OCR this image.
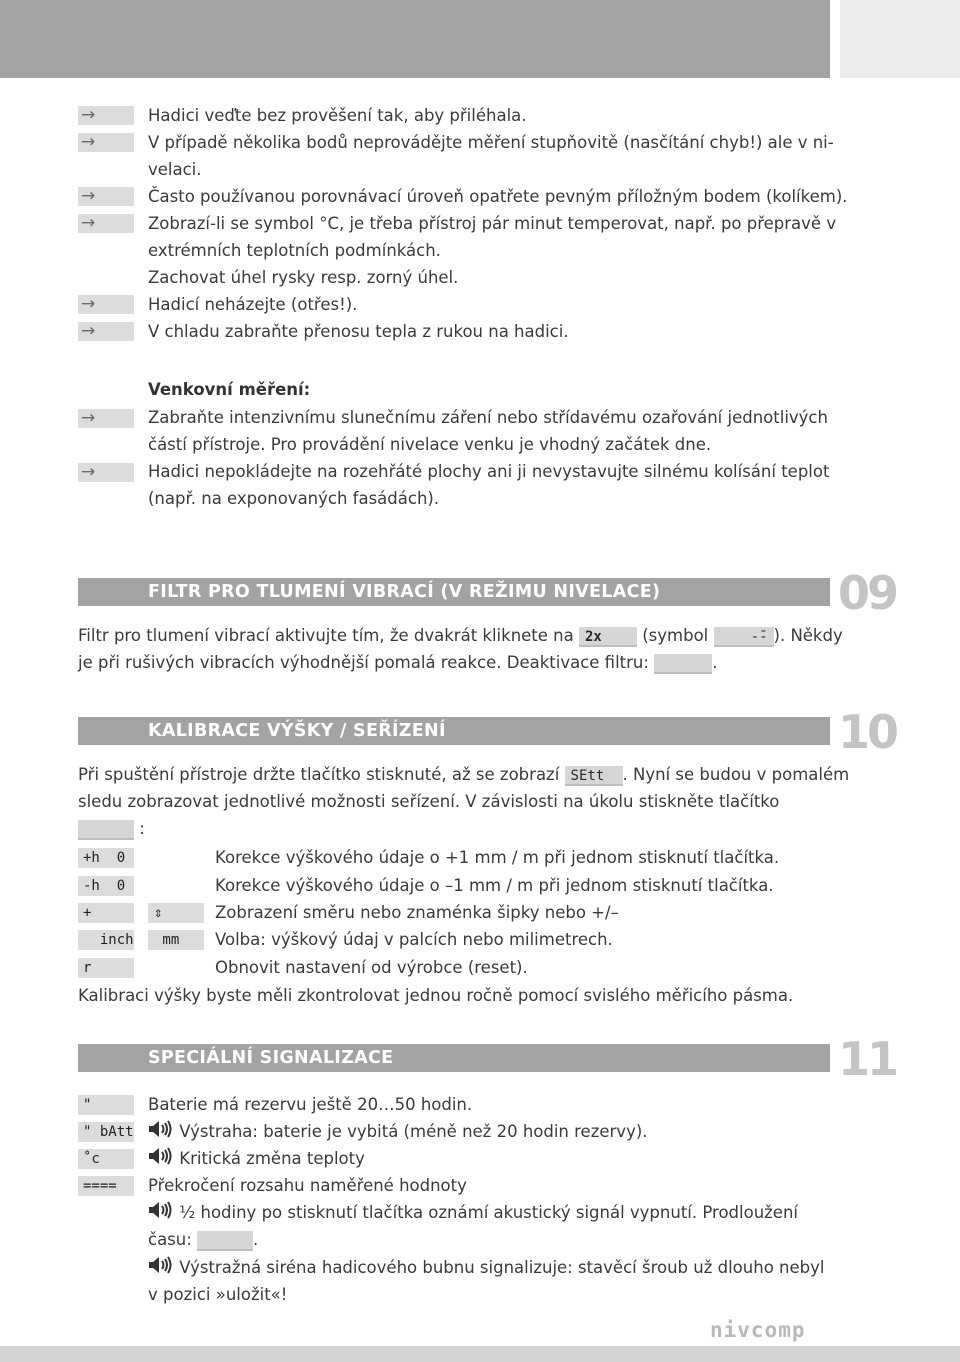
→	Hadici veďte bez prověšení tak, aby přiléhala.
→	V případě několika bodů neprovádějte měření stupňovitě (nasčítání chyb!) ale v ni-
velaci.
→	Často používanou porovnávací úroveň opatřete pevným příložným bodem (kolíkem).
→	Zobrazí-li se symbol °C, je třeba přístroj pár minut temperovat, např. po přepravě v
extrémních teplotních podmínkách.
Zachovat úhel rysky resp. zorný úhel.
→	Hadicí neházejte (otřes!).
→	V chladu zabraňte přenosu tepla z rukou na hadici.
Venkovní měření:
→	Zabraňte intenzivnímu slunečnímu záření nebo střídavému ozařování jednotlivých
částí přístroje. Pro provádění nivelace venku je vhodný začátek dne.
→	Hadici nepokládejte na rozehřáté plochy ani ji nevystavujte silnému kolísání teplot
(např. na exponovaných fasádách).
FILTR PRO TLUMENÍ VIBRACÍ (V REŽIMU NIVELACE)	09
Filtr pro tlumení vibrací aktivujte tím, že dvakrát kliknete na 2x (symbol	-̄- ). Někdy
je při rušivých vibracích výhodnější pomalá reakce. Deaktivace filtru:	.
KALIBRACE VÝŠKY / SEŘÍZENÍ	10
Při spuštění přístroje držte tlačítko stisknuté, až se zobrazí SEtt . Nyní se budou v pomalém
sledu zobrazovat jednotlivé možnosti seřízení. V závislosti na úkolu stiskněte tlačítko
:
+h  0	Korekce výškového údaje o +1 mm / m při jednom stisknutí tlačítka.
-h  0	Korekce výškového údaje o –1 mm / m při jednom stisknutí tlačítka.
+	⇕	Zobrazení směru nebo znaménka šipky nebo +/–
inch	mm	Volba: výškový údaj v palcích nebo milimetrech.
r	Obnovit nastavení od výrobce (reset).
Kalibraci výšky byste měli zkontrolovat jednou ročně pomocí svislého měřicího pásma.
SPECIÁLNÍ SIGNALIZACE	11
"	Baterie má rezervu ještě 20…50 hodin.
" bAtt	Výstraha: baterie je vybitá (méně než 20 hodin rezervy).
˚c	Kritická změna teploty
====	Překročení rozsahu naměřené hodnoty
½ hodiny po stisknutí tlačítka oznámí akustický signál vypnutí. Prodloužení
času:	.
Výstražná siréna hadicového bubnu signalizuje: stavěcí šroub už dlouho nebyl
v pozici »uložit«!
nivcomp
